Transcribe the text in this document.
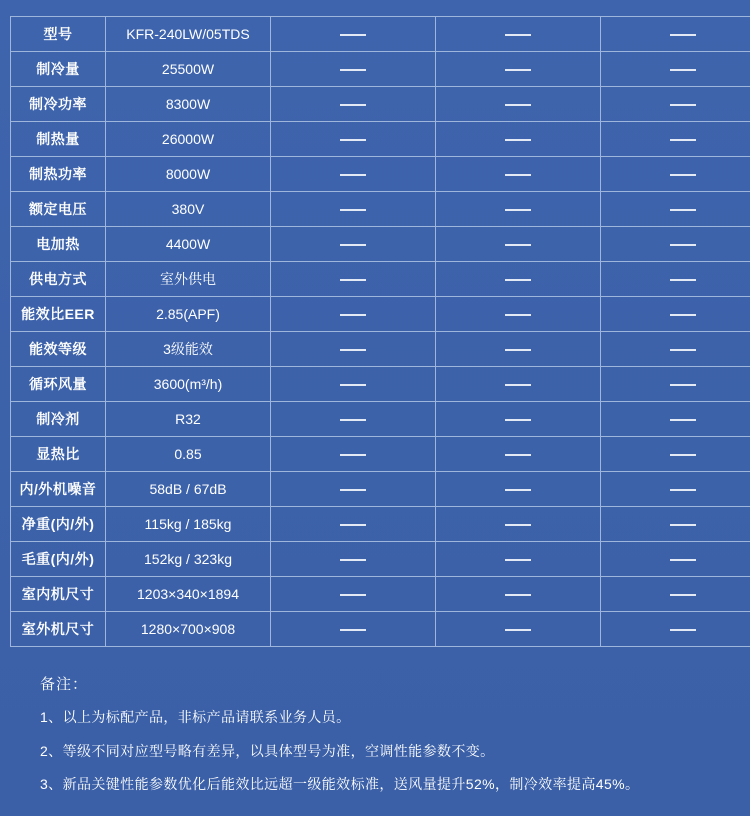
型号	KFR-240LW/05TDS			
制冷量	25500W			
制冷功率	8300W			
制热量	26000W			
制热功率	8000W			
额定电压	380V			
电加热	4400W			
供电方式	室外供电			
能效比EER	2.85(APF)			
能效等级	3级能效			
循环风量	3600(m³/h)			
制冷剂	R32			
显热比	0.85			
内/外机噪音	58dB / 67dB			
净重(内/外)	115kg / 185kg			
毛重(内/外)	152kg / 323kg			
室内机尺寸	1203×340×1894			
室外机尺寸	1280×700×908			
备注：
1、以上为标配产品，非标产品请联系业务人员。
2、等级不同对应型号略有差异，以具体型号为准，空调性能参数不变。
3、新品关键性能参数优化后能效比远超一级能效标准，送风量提升52%，制冷效率提高45%。
